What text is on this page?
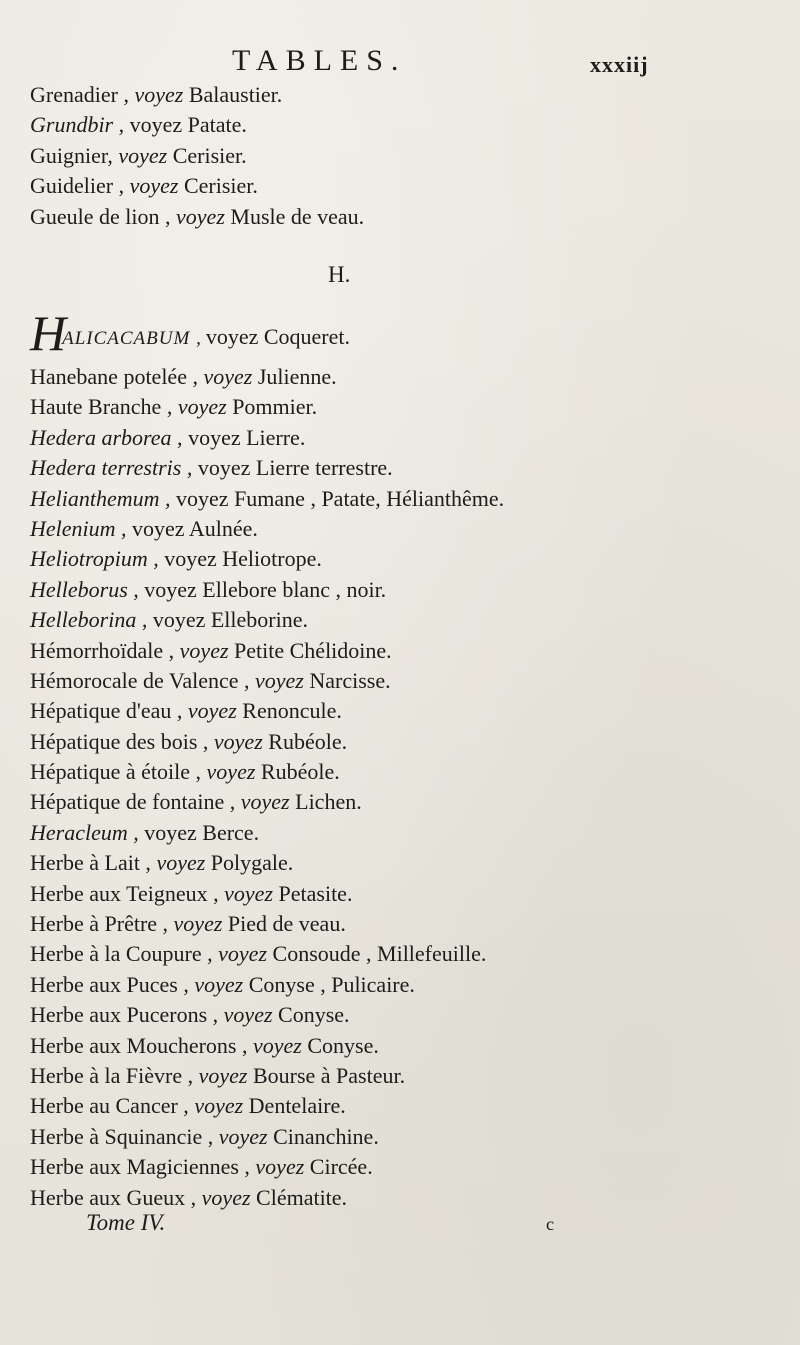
TABLES.	xxxiij
Grenadier , voyez Balaustier.
Grundbir , voyez Patate.
Guignier, voyez Cerisier.
Guidelier , voyez Cerisier.
Gueule de lion , voyez Musle de veau.
H.
HALICACABUM , voyez Coqueret.
Hanebane potelée , voyez Julienne.
Haute Branche , voyez Pommier.
Hedera arborea , voyez Lierre.
Hedera terrestris , voyez Lierre terrestre.
Helianthemum , voyez Fumane , Patate, Hélianthême.
Helenium , voyez Aulnée.
Heliotropium , voyez Heliotrope.
Helleborus , voyez Ellebore blanc , noir.
Helleborina , voyez Elleborine.
Hémorrhoïdale , voyez Petite Chélidoine.
Hémorocale de Valence , voyez Narcisse.
Hépatique d'eau , voyez Renoncule.
Hépatique des bois , voyez Rubéole.
Hépatique à étoile , voyez Rubéole.
Hépatique de fontaine , voyez Lichen.
Heracleum , voyez Berce.
Herbe à Lait , voyez Polygale.
Herbe aux Teigneux , voyez Petasite.
Herbe à Prêtre , voyez Pied de veau.
Herbe à la Coupure , voyez Consoude , Millefeuille.
Herbe aux Puces , voyez Conyse , Pulicaire.
Herbe aux Pucerons , voyez Conyse.
Herbe aux Moucherons , voyez Conyse.
Herbe à la Fièvre , voyez Bourse à Pasteur.
Herbe au Cancer , voyez Dentelaire.
Herbe à Squinancie , voyez Cinanchine.
Herbe aux Magiciennes , voyez Circée.
Herbe aux Gueux , voyez Clématite.
Tome IV.	c
